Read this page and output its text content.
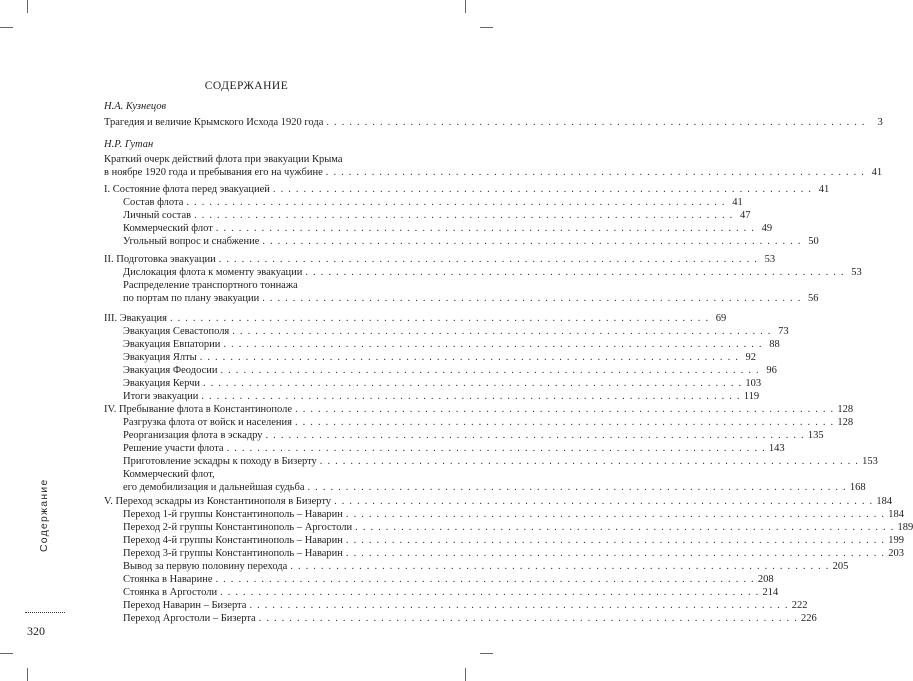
СОДЕРЖАНИЕ
Н.А. Кузнецов
Трагедия и величие Крымского Исхода 1920 года . . . . . . . . . . . . . . . . . . . . . . . . . . . . . . . . . . . . . . . . . . . . . . . . . . . . . . . . . . . . . . . . . . . . . . .	3
Н.Р. Гутан
Краткий очерк действий флота при эвакуации Крыма
в ноябре 1920 года и пребывания его на чужбине . . . . . . . . . . . . . . . . . . . . . . . . . . . . . . . . . . . . . . . . . . . . . . . . . . . . . . . . . . . . . . . . . . . . . . . 41
I. Состояние флота перед эвакуацией . . . . . . . . . . . . . . . . . . . . . . . . . . . . . . . . . . . . . . . . . . . . . . . . . . . . . . . . . . . . . . . . . . . . . . . 41
Состав флота . . . . . . . . . . . . . . . . . . . . . . . . . . . . . . . . . . . . . . . . . . . . . . . . . . . . . . . . . . . . . . . . . . . . . . . 41
Личный состав . . . . . . . . . . . . . . . . . . . . . . . . . . . . . . . . . . . . . . . . . . . . . . . . . . . . . . . . . . . . . . . . . . . . . . . 47
Коммерческий флот . . . . . . . . . . . . . . . . . . . . . . . . . . . . . . . . . . . . . . . . . . . . . . . . . . . . . . . . . . . . . . . . . . . . . . . 49
Угольный вопрос и снабжение . . . . . . . . . . . . . . . . . . . . . . . . . . . . . . . . . . . . . . . . . . . . . . . . . . . . . . . . . . . . . . . . . . . . . . . 50
II. Подготовка эвакуации . . . . . . . . . . . . . . . . . . . . . . . . . . . . . . . . . . . . . . . . . . . . . . . . . . . . . . . . . . . . . . . . . . . . . . . 53
Дислокация флота к моменту эвакуации . . . . . . . . . . . . . . . . . . . . . . . . . . . . . . . . . . . . . . . . . . . . . . . . . . . . . . . . . . . . . . . . . . . . . . . 53
Распределение транспортного тоннажа
по портам по плану эвакуации . . . . . . . . . . . . . . . . . . . . . . . . . . . . . . . . . . . . . . . . . . . . . . . . . . . . . . . . . . . . . . . . . . . . . . . 56
III. Эвакуация . . . . . . . . . . . . . . . . . . . . . . . . . . . . . . . . . . . . . . . . . . . . . . . . . . . . . . . . . . . . . . . . . . . . . . . 69
Эвакуация Севастополя . . . . . . . . . . . . . . . . . . . . . . . . . . . . . . . . . . . . . . . . . . . . . . . . . . . . . . . . . . . . . . . . . . . . . . . 73
Эвакуация Евпатории . . . . . . . . . . . . . . . . . . . . . . . . . . . . . . . . . . . . . . . . . . . . . . . . . . . . . . . . . . . . . . . . . . . . . . . 88
Эвакуация Ялты . . . . . . . . . . . . . . . . . . . . . . . . . . . . . . . . . . . . . . . . . . . . . . . . . . . . . . . . . . . . . . . . . . . . . . . 92
Эвакуация Феодосии . . . . . . . . . . . . . . . . . . . . . . . . . . . . . . . . . . . . . . . . . . . . . . . . . . . . . . . . . . . . . . . . . . . . . . . 96
Эвакуация Керчи . . . . . . . . . . . . . . . . . . . . . . . . . . . . . . . . . . . . . . . . . . . . . . . . . . . . . . . . . . . . . . . . . . . . . . . 103
Итоги эвакуации . . . . . . . . . . . . . . . . . . . . . . . . . . . . . . . . . . . . . . . . . . . . . . . . . . . . . . . . . . . . . . . . . . . . . . . 119
IV. Пребывание флота в Константинополе . . . . . . . . . . . . . . . . . . . . . . . . . . . . . . . . . . . . . . . . . . . . . . . . . . . . . . . . . . . . . . . . . . . . . . . 128
Разгрузка флота от войск и населения . . . . . . . . . . . . . . . . . . . . . . . . . . . . . . . . . . . . . . . . . . . . . . . . . . . . . . . . . . . . . . . . . . . . . . . 128
Реорганизация флота в эскадру . . . . . . . . . . . . . . . . . . . . . . . . . . . . . . . . . . . . . . . . . . . . . . . . . . . . . . . . . . . . . . . . . . . . . . . 135
Решение участи флота . . . . . . . . . . . . . . . . . . . . . . . . . . . . . . . . . . . . . . . . . . . . . . . . . . . . . . . . . . . . . . . . . . . . . . . 143
Приготовление эскадры к походу в Бизерту . . . . . . . . . . . . . . . . . . . . . . . . . . . . . . . . . . . . . . . . . . . . . . . . . . . . . . . . . . . . . . . . . . . . . . . 153
Коммерческий флот,
его демобилизация и дальнейшая судьба . . . . . . . . . . . . . . . . . . . . . . . . . . . . . . . . . . . . . . . . . . . . . . . . . . . . . . . . . . . . . . . . . . . . . . . 168
V. Переход эскадры из Константинополя в Бизерту . . . . . . . . . . . . . . . . . . . . . . . . . . . . . . . . . . . . . . . . . . . . . . . . . . . . . . . . . . . . . . . . . . . . . . . 184
Переход 1-й группы Константинополь – Наварин . . . . . . . . . . . . . . . . . . . . . . . . . . . . . . . . . . . . . . . . . . . . . . . . . . . . . . . . . . . . . . . . . . . . . . . 184
Переход 2-й группы Константинополь – Аргостоли . . . . . . . . . . . . . . . . . . . . . . . . . . . . . . . . . . . . . . . . . . . . . . . . . . . . . . . . . . . . . . . . . . . . . . . 189
Переход 4-й группы Константинополь – Наварин . . . . . . . . . . . . . . . . . . . . . . . . . . . . . . . . . . . . . . . . . . . . . . . . . . . . . . . . . . . . . . . . . . . . . . . 199
Переход 3-й группы Константинополь – Наварин . . . . . . . . . . . . . . . . . . . . . . . . . . . . . . . . . . . . . . . . . . . . . . . . . . . . . . . . . . . . . . . . . . . . . . . 203
Вывод за первую половину перехода . . . . . . . . . . . . . . . . . . . . . . . . . . . . . . . . . . . . . . . . . . . . . . . . . . . . . . . . . . . . . . . . . . . . . . . 205
Стоянка в Наварине . . . . . . . . . . . . . . . . . . . . . . . . . . . . . . . . . . . . . . . . . . . . . . . . . . . . . . . . . . . . . . . . . . . . . . . 208
Стоянка в Аргостоли . . . . . . . . . . . . . . . . . . . . . . . . . . . . . . . . . . . . . . . . . . . . . . . . . . . . . . . . . . . . . . . . . . . . . . . 214
Переход Наварин – Бизерта . . . . . . . . . . . . . . . . . . . . . . . . . . . . . . . . . . . . . . . . . . . . . . . . . . . . . . . . . . . . . . . . . . . . . . . 222
Переход Аргостоли – Бизерта . . . . . . . . . . . . . . . . . . . . . . . . . . . . . . . . . . . . . . . . . . . . . . . . . . . . . . . . . . . . . . . . . . . . . . . 226
Содержание
320
